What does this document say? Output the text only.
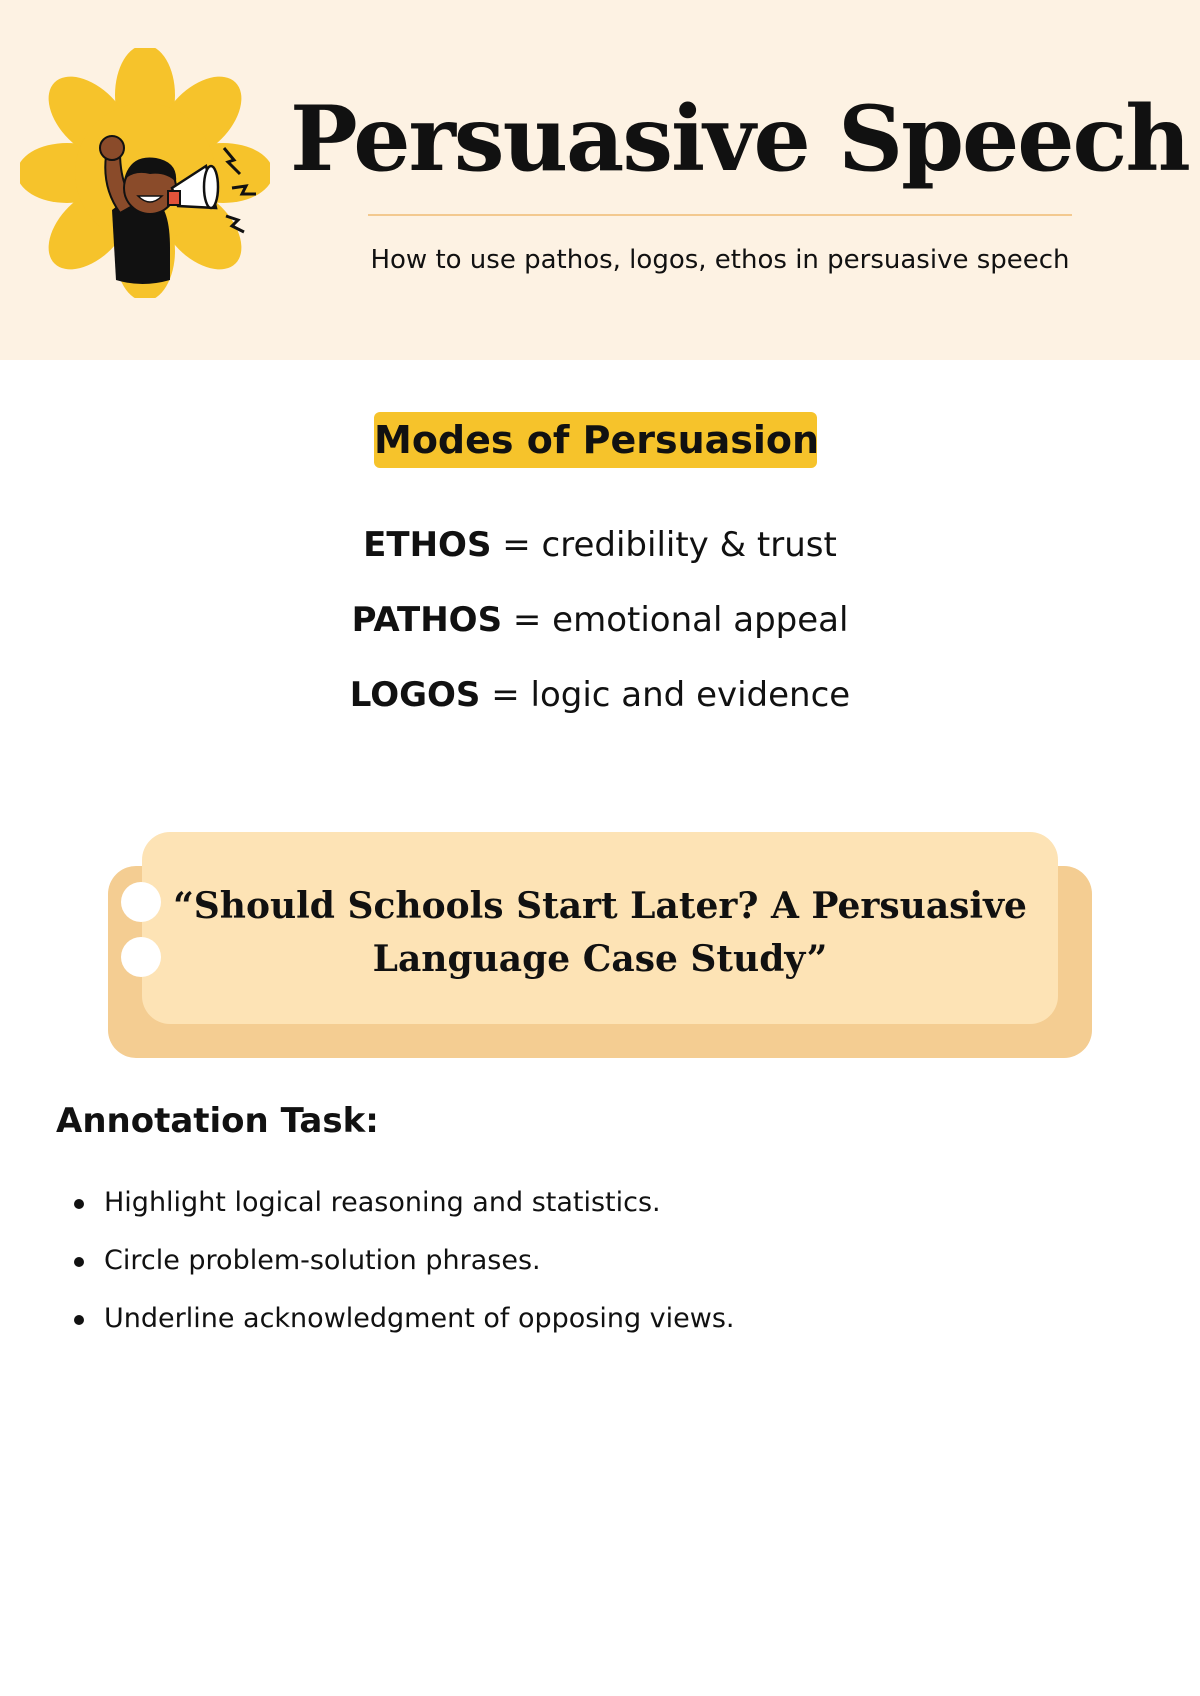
Persuasive Speech
How to use pathos, logos, ethos in persuasive speech
Modes of Persuasion
ETHOS = credibility & trust
PATHOS = emotional appeal
LOGOS = logic and evidence
“Should Schools Start Later? A Persuasive Language Case Study”
Annotation Task:
Highlight logical reasoning and statistics.
Circle problem-solution phrases.
Underline acknowledgment of opposing views.
